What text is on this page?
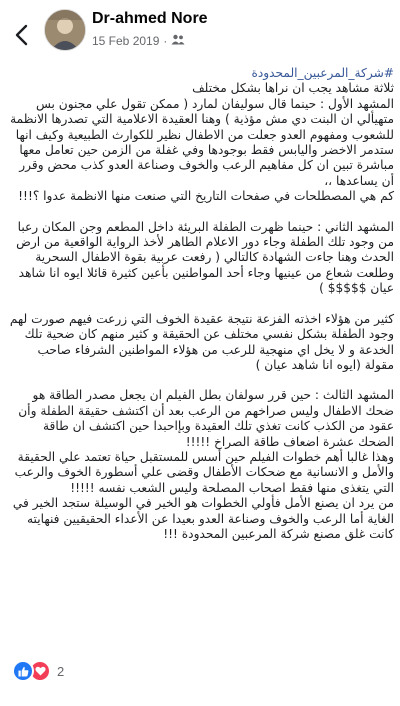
Dr-ahmed Nore
15 Feb 2019 ·
#شركة_المرعبين_المحدودة

ثلاثة مشاهد يجب ان نراها بشكل مختلف
المشهد الأول : حينما قال سوليفان لمارد ( ممكن تقول علي مجنون بس متهيألي ان البنت دي مش مؤذية ) وهنا العقيدة الاعلامية التي تصدرها الانظمة للشعوب ومفهوم العدو جعلت من الاطفال نظير للكوارث الطبيعية وكيف انها ستدمر الاخضر واليابس فقط بوجودها وفي غفلة من الزمن حين تعامل معها مباشرة تبين ان كل مفاهيم الرعب والخوف وصناعة العدو كذب محض وقرر أن يساعدها ،،
كم هي المصطلحات في صفحات التاريخ التي صنعت منها الانظمة عدوا ؟!!!

المشهد الثاني : حينما ظهرت الطفلة البريئة داخل المطعم وجن المكان رعبا من وجود تلك الطفلة وجاء دور الاعلام الطاهر لأخذ الرواية الواقعية من ارض الحدث وهنا جاءت الشهادة كالتالي ( رفعت عربية بقوة الاطفال السحرية وطلعت شعاع من عينيها وجاء أحد المواطنين بأعين كثيرة قائلا ايوه انا شاهد عيان $$$$$ )

كثير من هؤلاء اخذته الفزعة نتيجة عقيدة الخوف التي زرعت فيهم صورت لهم وجود الطفلة بشكل نفسي مختلف عن الحقيقة و كثير منهم كان ضحية تلك الخدعة و لا يخل اي منهجية للرعب من هؤلاء المواطنين الشرفاء صاحب مقولة (ايوه انا شاهد عيان )

المشهد الثالث : حين قرر سولفان بطل الفيلم ان يجعل مصدر الطاقة هو ضحك الاطفال وليس صراخهم من الرعب بعد أن اكتشف حقيقة الطفلة وأن عقود من الكذب كانت تغذي تلك العقيدة وبإاحبدا حين اكتشف ان طاقة الضحك عشرة اضعاف طاقة الصراخ !!!!!
وهذا غالبا أهم خطوات الفيلم حين أسس للمستقبل حياة تعتمد علي الحقيقة والأمل و الانسانية مع ضحكات الأطفال وقضى علي أسطورة الخوف والرعب التي يتغذى منها فقط اصحاب المصلحة وليس الشعب نفسه !!!!!
من يرد ان يصنع الأمل فأولي الخطوات هو الخير في الوسيلة ستجد الخير في الغاية أما الرعب والخوف وصناعة العدو بعيدا عن الأعداء الحقيقيين فنهايته كانت غلق مصنع شركة المرعبين المحدودة !!!

2
